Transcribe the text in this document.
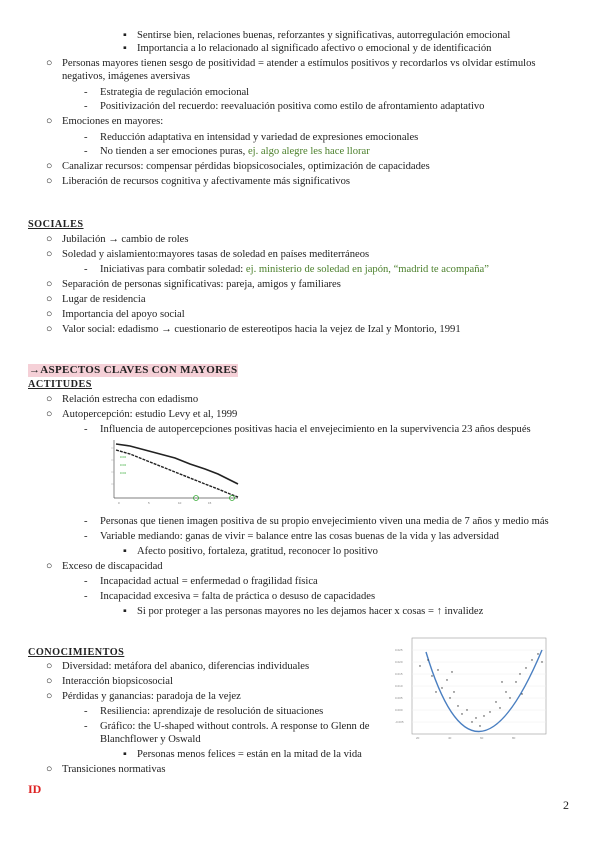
▪ Sentirse bien, relaciones buenas, reforzantes y significativas, autorregulación emocional
▪ Importancia a lo relacionado al significado afectivo o emocional y de identificación
○ Personas mayores tienen sesgo de positividad = atender a estímulos positivos y recordarlos vs olvidar estímulos negativos, imágenes aversivas
- Estrategia de regulación emocional
- Positivización del recuerdo: reevaluación positiva como estilo de afrontamiento adaptativo
○ Emociones en mayores:
- Reducción adaptativa en intensidad y variedad de expresiones emocionales
- No tienden a ser emociones puras, ej. algo alegre les hace llorar
○ Canalizar recursos: compensar pérdidas biopsicosociales, optimización de capacidades
○ Liberación de recursos cognitiva y afectivamente más significativos
SOCIALES
○ Jubilación → cambio de roles
○ Soledad y aislamiento:mayores tasas de soledad en países mediterráneos
- Iniciativas para combatir soledad: ej. ministerio de soledad en japón, “madrid te acompaña”
○ Separación de personas significativas: pareja, amigos y familiares
○ Lugar de residencia
○ Importancia del apoyo social
○ Valor social: edadismo → cuestionario de estereotipos hacia la vejez de Izal y Montorio, 1991
→ASPECTOS CLAVES CON MAYORES
ACTITUDES
○ Relación estrecha con edadismo
○ Autopercepción: estudio Levy et al, 1999
- Influencia de autopercepciones positivas hacia el envejecimiento en la supervivencia 23 años después
•••••
•••••
•••••
0	5	10	15
- Personas que tienen imagen positiva de su propio envejecimiento viven una media de 7 años y medio más
- Variable mediando: ganas de vivir = balance entre las cosas buenas de la vida y las adversidad
▪ Afecto positivo, fortaleza, gratitud, reconocer lo positivo
○ Exceso de discapacidad
- Incapacidad actual = enfermedad o fragilidad física
- Incapacidad excesiva = falta de práctica o desuso de capacidades
▪ Si por proteger a las personas mayores no les dejamos hacer x cosas = ↑ invalidez
CONOCIMIENTOS
○ Diversidad: metáfora del abanico, diferencias individuales
○ Interacción biopsicosocial
○ Pérdidas y ganancias: paradoja de la vejez
- Resiliencia: aprendizaje de resolución de situaciones
- Gráfico: the U-shaped without controls. A response to Glenn de
Blanchflower y Oswald
▪ Personas menos felices = están en la mitad de la vida
○ Transiciones normativas
0.025
0.020
0.015
0.010
0.005
0.000
-0.005
20	40	60	80
ID
2
